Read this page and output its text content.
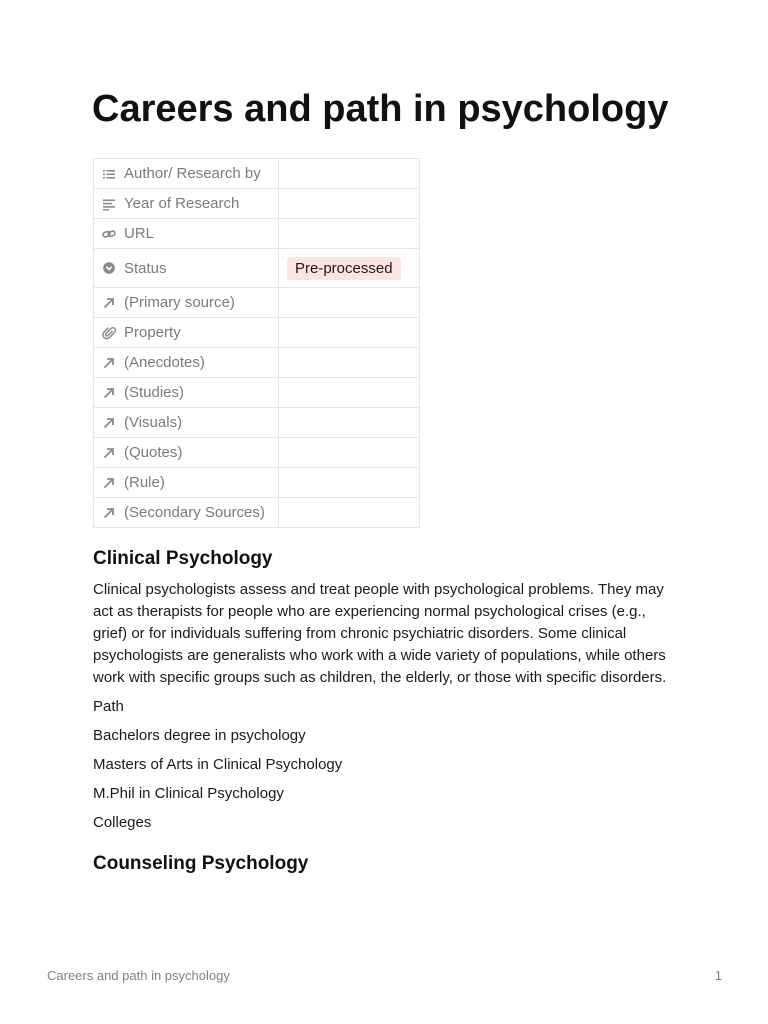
Careers and path in psychology
Author/ Research by	

Year of Research	

URL	

Status	Pre-processed

(Primary source)	

Property	

(Anecdotes)	

(Studies)	

(Visuals)	

(Quotes)	

(Rule)	

(Secondary Sources)	

Clinical Psychology

Clinical psychologists assess and treat people with psychological problems. They may act as therapists for people who are experiencing normal psychological crises (e.g., grief) or for individuals suffering from chronic psychiatric disorders. Some clinical psychologists are generalists who work with a wide variety of populations, while others work with specific groups such as children, the elderly, or those with specific disorders.

Path

Bachelors degree in psychology

Masters of Arts in Clinical Psychology

M.Phil in Clinical Psychology

Colleges

Counseling Psychology
Careers and path in psychology	1
